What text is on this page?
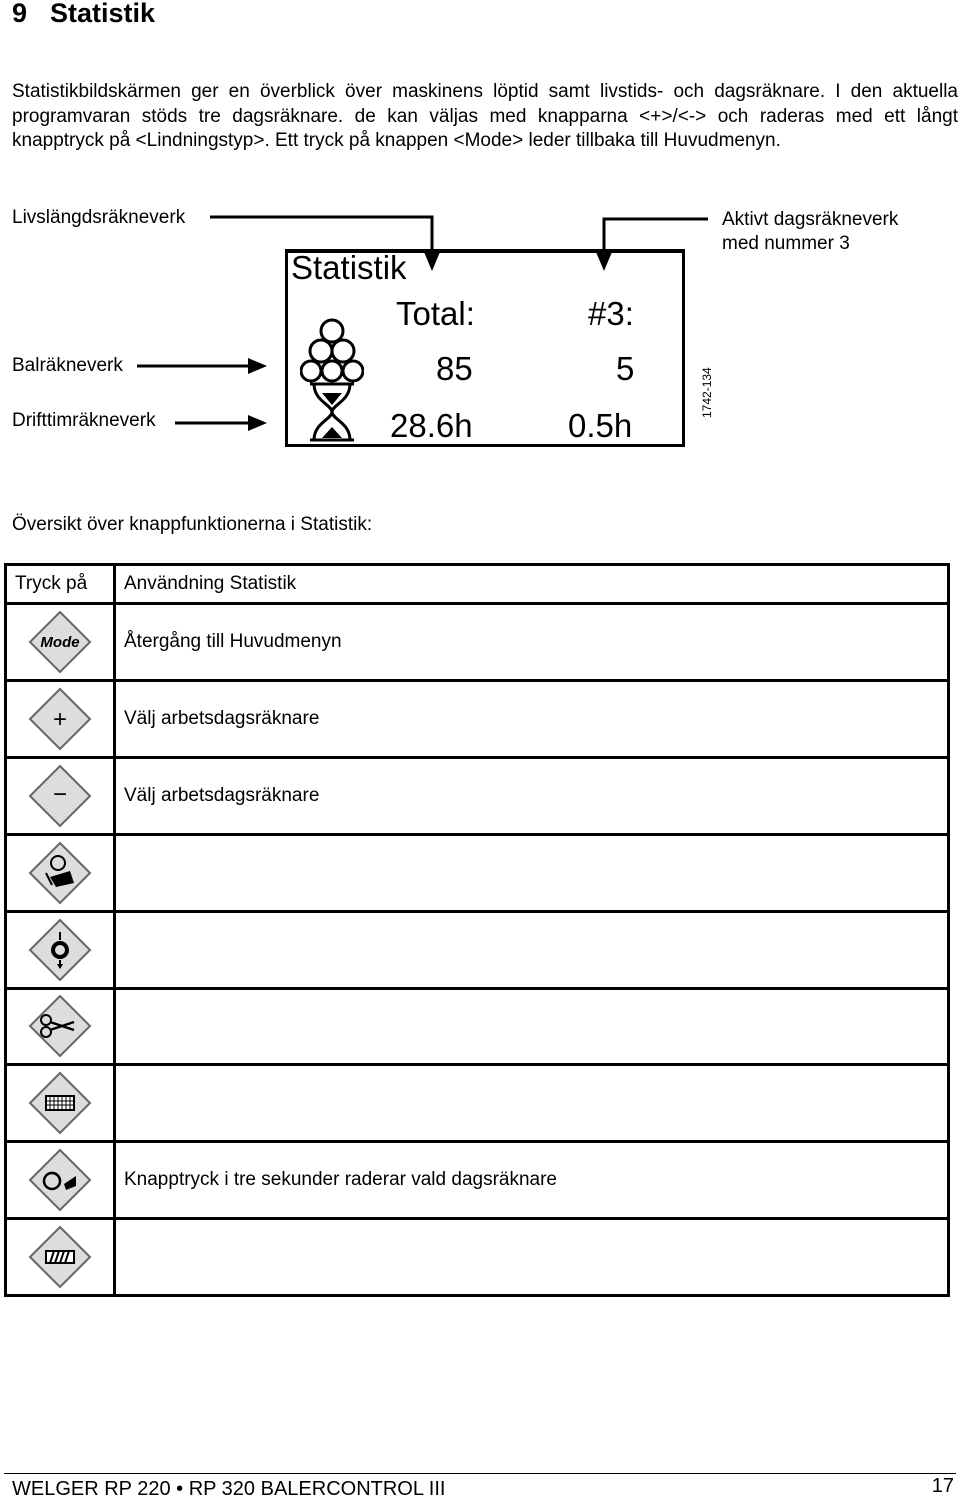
9 Statistik

Statistikbildskärmen ger en överblick över maskinens löptid samt livstids- och dagsräknare. I den aktuella programvaran stöds tre dagsräknare. de kan väljas med knapparna <+>/<-> och raderas med ett långt knapptryck på <Lindningstyp>. Ett tryck på knappen <Mode> leder tillbaka till Huvudmenyn.

Livslängdsräkneverk	Aktivt dagsräkneverk
med nummer 3
Balräkneverk
Drifttimräkneverk
Statistik
Total:	#3:
85	5
28.6h	0.5h
1742-134

Översikt över knappfunktionerna i Statistik:

Tryck på	Användning Statistik

Mode	Återgång till Huvudmenyn

+	Välj arbetsdagsräknare

−	Välj arbetsdagsräknare

	Knapptryck i tre sekunder raderar vald dagsräknare

WELGER RP 220 • RP 320 BALERCONTROL III	17
